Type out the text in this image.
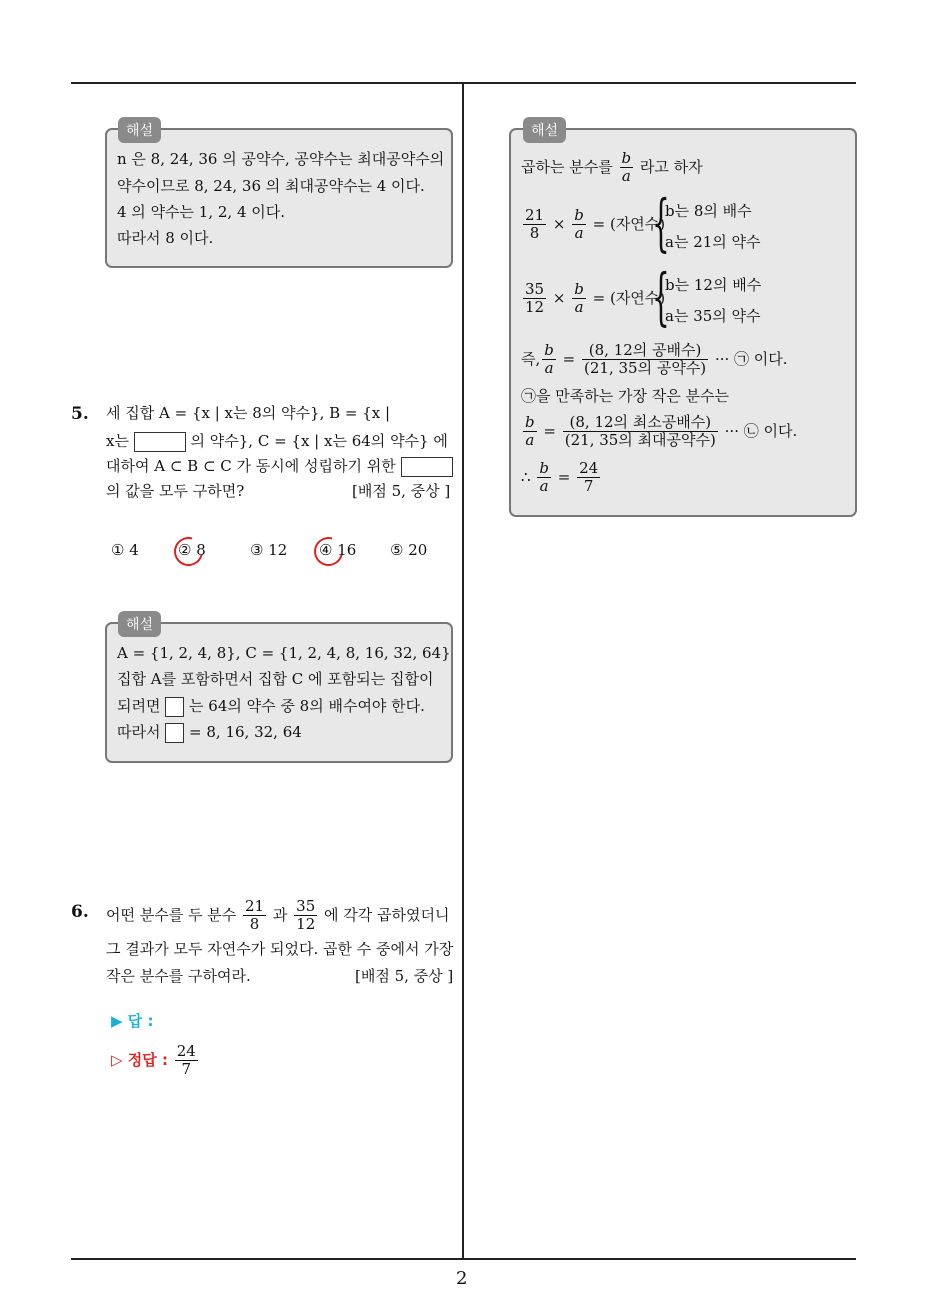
2
해설
n 은 8, 24, 36 의 공약수, 공약수는 최대공약수의
약수이므로 8, 24, 36 의 최대공약수는 4 이다.
4 의 약수는 1, 2, 4 이다.
따라서 8 이다.
5. 세 집합 A = {x | x는 8의 약수}, B = {x |
x는	의 약수}, C = {x | x는 64의 약수} 에
대하여 A ⊂ B ⊂ C 가 동시에 성립하기 위한
의 값을 모두 구하면?	[배점 5, 중상 ]
① 4	② 8	③ 12 ④ 16 ⑤ 20
해설
A = {1, 2, 4, 8}, C = {1, 2, 4, 8, 16, 32, 64}
집합 A를 포함하면서 집합 C 에 포함되는 집합이
되려면 는 64의 약수 중 8의 배수여야 한다.
따라서 = 8, 16, 32, 64
6. 어떤 분수를 두 분수 $\frac{21}{8}$ 과 $\frac{35}{12}$ 에 각각 곱하였더니
그 결과가 모두 자연수가 되었다. 곱한 수 중에서 가장
작은 분수를 구하여라.	[배점 5, 중상 ]
▶ 답 :
▷ 정답 : $\frac{24}{7}$
해설
곱하는 분수를 $\frac{b}{a}$ 라고 하자
$\frac{21}{8} \times \frac{b}{a}$ = (자연수)
{
b는 8의 배수
a는 21의 약수
$\frac{35}{12} \times \frac{b}{a}$ = (자연수)
{
b는 12의 배수
a는 35의 약수
즉, $\frac{b}{a} = \frac{\text{(8, 12의 공배수)}}{\text{(21, 35의 공약수)}}$ ··· ㉠ 이다.
㉠을 만족하는 가장 작은 분수는
$\frac{b}{a} = \frac{\text{(8, 12의 최소공배수)}}{\text{(21, 35의 최대공약수)}}$ ··· ㉡ 이다.
∴ $\frac{b}{a} = \frac{24}{7}$
